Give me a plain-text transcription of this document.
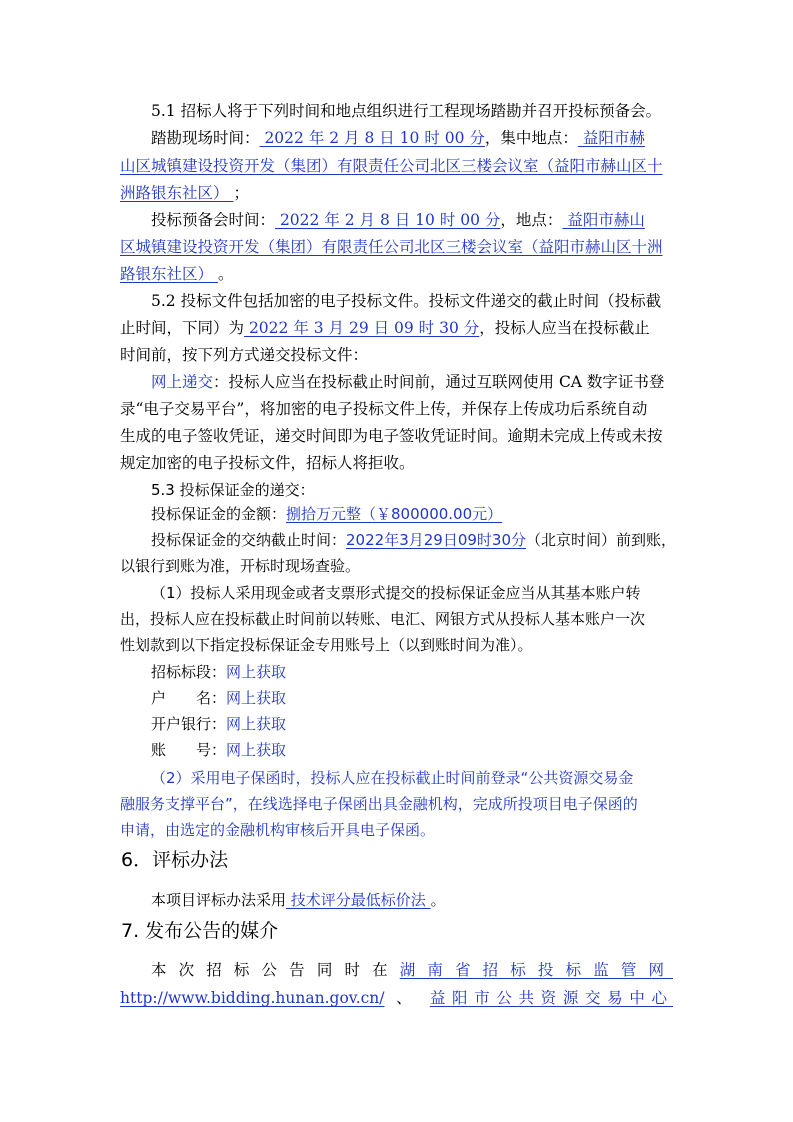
5.1 招标人将于下列时间和地点组织进行工程现场踏勘并召开投标预备会。
踏勘现场时间： 2022 年 2 月 8 日 10 时 00 分，集中地点： 益阳市赫
山区城镇建设投资开发（集团）有限责任公司北区三楼会议室（益阳市赫山区十
洲路银东社区） ；
投标预备会时间： 2022 年 2 月 8 日 10 时 00 分，地点： 益阳市赫山
区城镇建设投资开发（集团）有限责任公司北区三楼会议室（益阳市赫山区十洲
路银东社区） 。
5.2 投标文件包括加密的电子投标文件。投标文件递交的截止时间（投标截
止时间，下同）为 2022 年 3 月 29 日 09 时 30 分，投标人应当在投标截止
时间前，按下列方式递交投标文件：
网上递交：投标人应当在投标截止时间前，通过互联网使用 CA 数字证书登
录“电子交易平台”，将加密的电子投标文件上传，并保存上传成功后系统自动
生成的电子签收凭证，递交时间即为电子签收凭证时间。逾期未完成上传或未按
规定加密的电子投标文件，招标人将拒收。
5.3 投标保证金的递交：
投标保证金的金额：捌拾万元整（￥800000.00元）
投标保证金的交纳截止时间：2022年3月29日09时30分（北京时间）前到账，
以银行到账为准，开标时现场查验。
（1）投标人采用现金或者支票形式提交的投标保证金应当从其基本账户转
出，投标人应在投标截止时间前以转账、电汇、网银方式从投标人基本账户一次
性划款到以下指定投标保证金专用账号上（以到账时间为准）。
招标标段：网上获取
户　　名：网上获取
开户银行：网上获取
账　　号：网上获取
（2）采用电子保函时，投标人应在投标截止时间前登录“公共资源交易金
融服务支撑平台”，在线选择电子保函出具金融机构，完成所投项目电子保函的
申请，由选定的金融机构审核后开具电子保函。
6．评标办法
本项目评标办法采用 技术评分最低标价法 。
7. 发布公告的媒介
本次招标公告同时在湖南省招标投标监管网
http://www.bidding.hunan.gov.cn/ 、 益阳市公共资源交易中心
